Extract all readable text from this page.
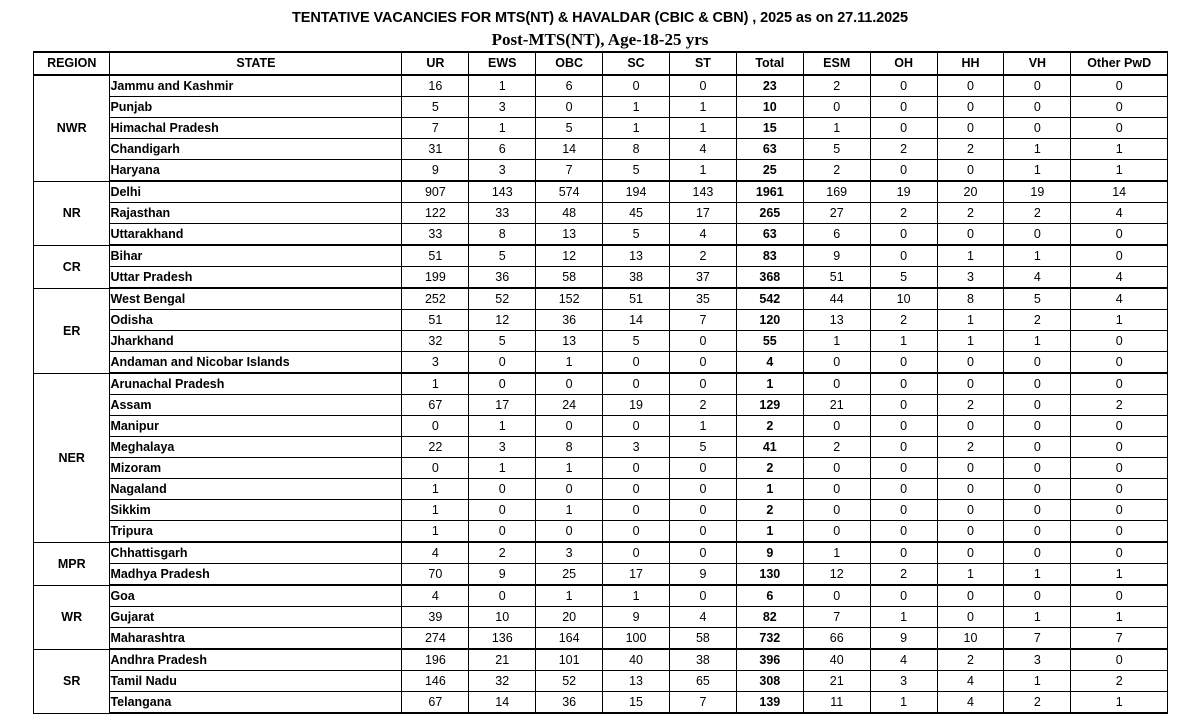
TENTATIVE VACANCIES FOR MTS(NT) & HAVALDAR (CBIC & CBN) , 2025 as on 27.11.2025
Post-MTS(NT), Age-18-25 yrs
REGION	STATE	UR	EWS	OBC	SC	ST	Total	ESM	OH	HH	VH	Other PwD
NWR	Jammu and Kashmir	16	1	6	0	0	23	2	0	0	0	0
	Punjab	5	3	0	1	1	10	0	0	0	0	0
	Himachal Pradesh	7	1	5	1	1	15	1	0	0	0	0
	Chandigarh	31	6	14	8	4	63	5	2	2	1	1
	Haryana	9	3	7	5	1	25	2	0	0	1	1
NR	Delhi	907	143	574	194	143	1961	169	19	20	19	14
	Rajasthan	122	33	48	45	17	265	27	2	2	2	4
	Uttarakhand	33	8	13	5	4	63	6	0	0	0	0
CR	Bihar	51	5	12	13	2	83	9	0	1	1	0
	Uttar Pradesh	199	36	58	38	37	368	51	5	3	4	4
ER	West Bengal	252	52	152	51	35	542	44	10	8	5	4
	Odisha	51	12	36	14	7	120	13	2	1	2	1
	Jharkhand	32	5	13	5	0	55	1	1	1	1	0
	Andaman and Nicobar Islands	3	0	1	0	0	4	0	0	0	0	0
NER	Arunachal Pradesh	1	0	0	0	0	1	0	0	0	0	0
	Assam	67	17	24	19	2	129	21	0	2	0	2
	Manipur	0	1	0	0	1	2	0	0	0	0	0
	Meghalaya	22	3	8	3	5	41	2	0	2	0	0
	Mizoram	0	1	1	0	0	2	0	0	0	0	0
	Nagaland	1	0	0	0	0	1	0	0	0	0	0
	Sikkim	1	0	1	0	0	2	0	0	0	0	0
	Tripura	1	0	0	0	0	1	0	0	0	0	0
MPR	Chhattisgarh	4	2	3	0	0	9	1	0	0	0	0
	Madhya Pradesh	70	9	25	17	9	130	12	2	1	1	1
WR	Goa	4	0	1	1	0	6	0	0	0	0	0
	Gujarat	39	10	20	9	4	82	7	1	0	1	1
	Maharashtra	274	136	164	100	58	732	66	9	10	7	7
SR	Andhra Pradesh	196	21	101	40	38	396	40	4	2	3	0
	Tamil Nadu	146	32	52	13	65	308	21	3	4	1	2
	Telangana	67	14	36	15	7	139	11	1	4	2	1
